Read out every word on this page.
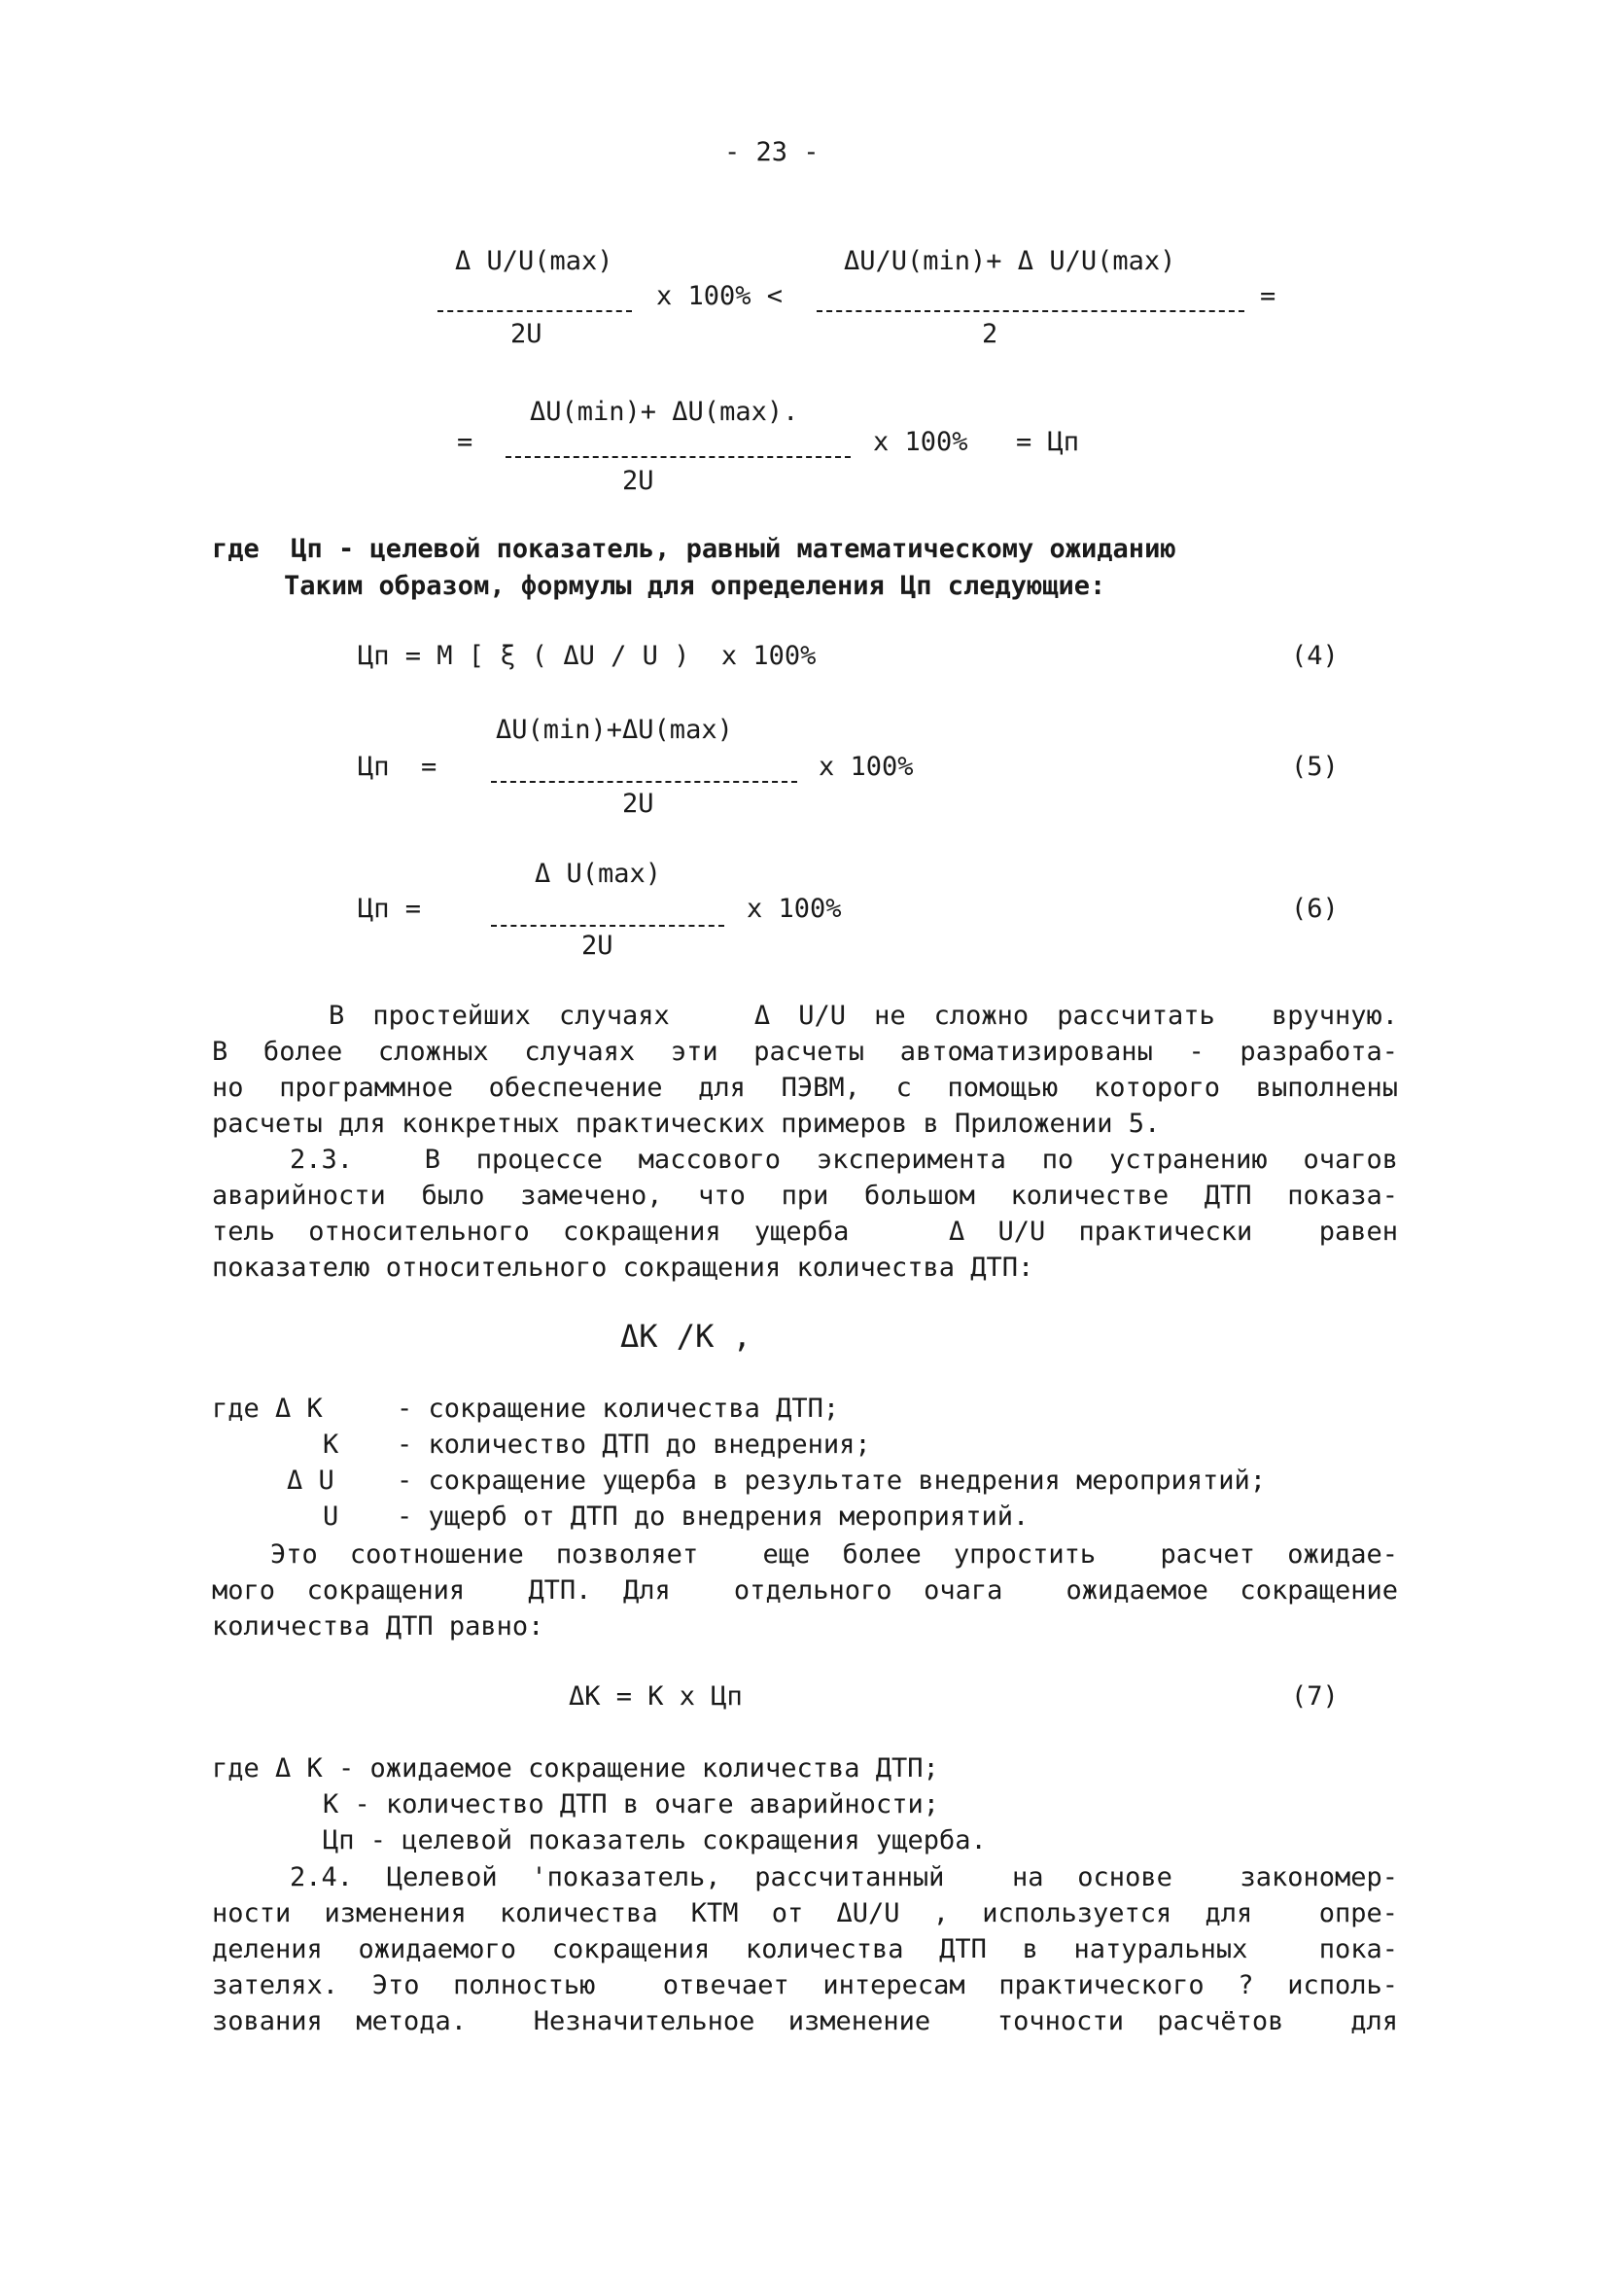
- 23 -
Δ U/U(max)	ΔU/U(min)+ Δ U/U(max)
x 100% <	=
2U	2
ΔU(min)+ ΔU(max).
=	x 100% = Цп
2U
где  Цп - целевой показатель, равный математическому ожиданию
Таким образом, формулы для определения Цп следующие:
Цп = M [ ξ ( ΔU / U )  x 100%	(4)
ΔU(min)+ΔU(max)
Цп  =	x 100%	(5)
2U
Δ U(max)
Цп =	x 100%	(6)
2U
В простейших случаях   Δ U/U не сложно рассчитать  вручную.
В более сложных случаях эти расчеты автоматизированы - разработа-
но программное обеспечение для ПЭВМ, с помощью которого выполнены
расчеты для конкретных практических примеров в Приложении 5.
2.3.  В процессе массового эксперимента по устранению очагов
аварийности было замечено, что при большом количестве ДТП показа-
тель относительного сокращения ущерба   Δ U/U практически  равен
показателю относительного сокращения количества ДТП:
ΔК /К ,
где Δ К	- сокращение количества ДТП;
К - количество ДТП до внедрения;
Δ U - сокращение ущерба в результате внедрения мероприятий;
U - ущерб от ДТП до внедрения мероприятий.
Это соотношение позволяет  еще более упростить  расчет ожидае-
мого сокращения  ДТП. Для  отдельного очага  ожидаемое сокращение
количества ДТП равно:
ΔК = К x Цп	(7)
где Δ К - ожидаемое сокращение количества ДТП;
К - количество ДТП в очаге аварийности;
Цп - целевой показатель сокращения ущерба.
2.4. Целевой 'показатель, рассчитанный  на основе  закономер-
ности изменения количества КТМ от ΔU/U , используется для  опре-
деления ожидаемого сокращения количества ДТП в натуральных  пока-
зателях. Это полностью  отвечает интересам практического ? исполь-
зования метода.  Незначительное изменение  точности расчётов  для
